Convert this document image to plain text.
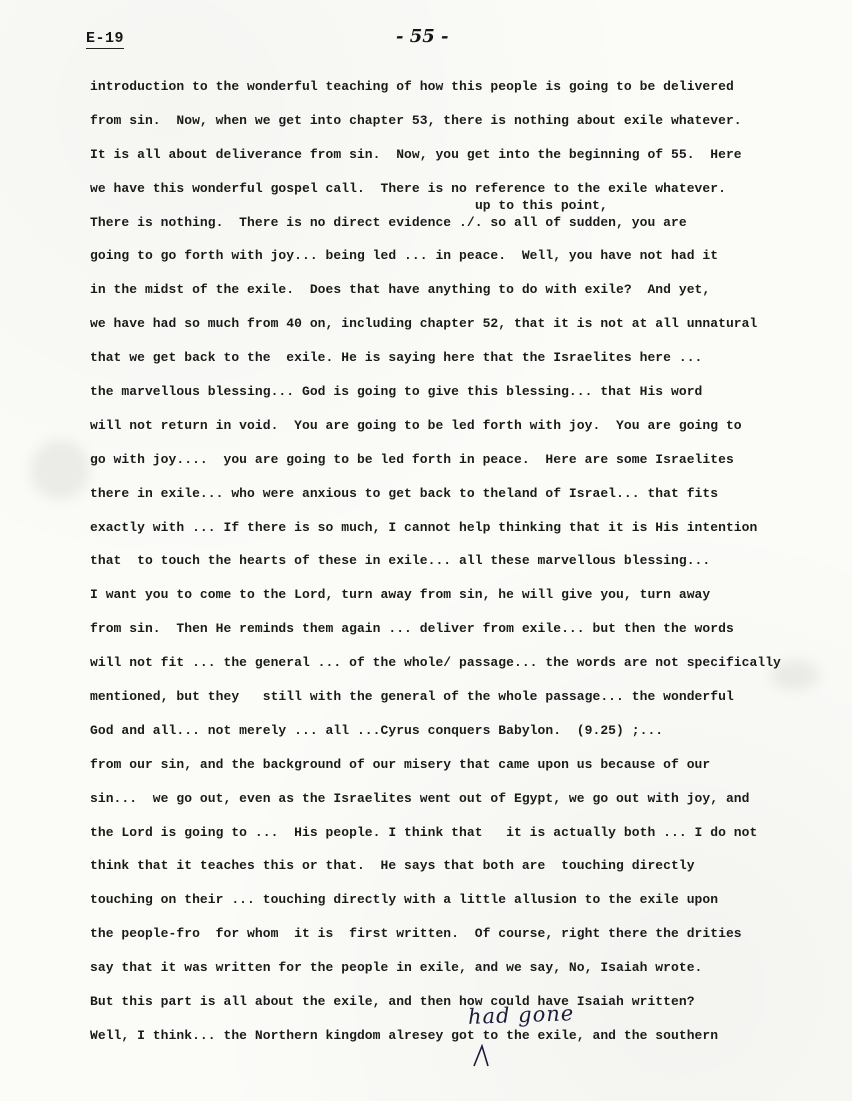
E-19	- 55 -
up to this point,
introduction to the wonderful teaching of how this people is going to be delivered
from sin.  Now, when we get into chapter 53, there is nothing about exile whatever.
It is all about deliverance from sin.  Now, you get into the beginning of 55.  Here
we have this wonderful gospel call.  There is no reference to the exile whatever.
There is nothing.  There is no direct evidence ./. so all of sudden, you are
going to go forth with joy... being led ... in peace.  Well, you have not had it
in the midst of the exile.  Does that have anything to do with exile?  And yet,
we have had so much from 40 on, including chapter 52, that it is not at all unnatural
that we get back to the  exile. He is saying here that the Israelites here ...
the marvellous blessing... God is going to give this blessing... that His word
will not return in void.  You are going to be led forth with joy.  You are going to
go with joy....  you are going to be led forth in peace.  Here are some Israelites
there in exile... who were anxious to get back to theland of Israel... that fits
exactly with ... If there is so much, I cannot help thinking that it is His intention
that  to touch the hearts of these in exile... all these marvellous blessing...
I want you to come to the Lord, turn away from sin, he will give you, turn away
from sin.  Then He reminds them again ... deliver from exile... but then the words
will not fit ... the general ... of the whole/ passage... the words are not specifically
mentioned, but they   still with the general of the whole passage... the wonderful
God and all... not merely ... all ...Cyrus conquers Babylon.  (9.25) ;...
from our sin, and the background of our misery that came upon us because of our
sin...  we go out, even as the Israelites went out of Egypt, we go out with joy, and
the Lord is going to ...  His people. I think that   it is actually both ... I do not
think that it teaches this or that.  He says that both are  touching directly
touching on their ... touching directly with a little allusion to the exile upon
the people-fro  for whom  it is  first written.  Of course, right there the drities
say that it was written for the people in exile, and we say, No, Isaiah wrote.
But this part is all about the exile, and then how could have Isaiah written?
Well, I think... the Northern kingdom alresey got to the exile, and the southern
had gone
